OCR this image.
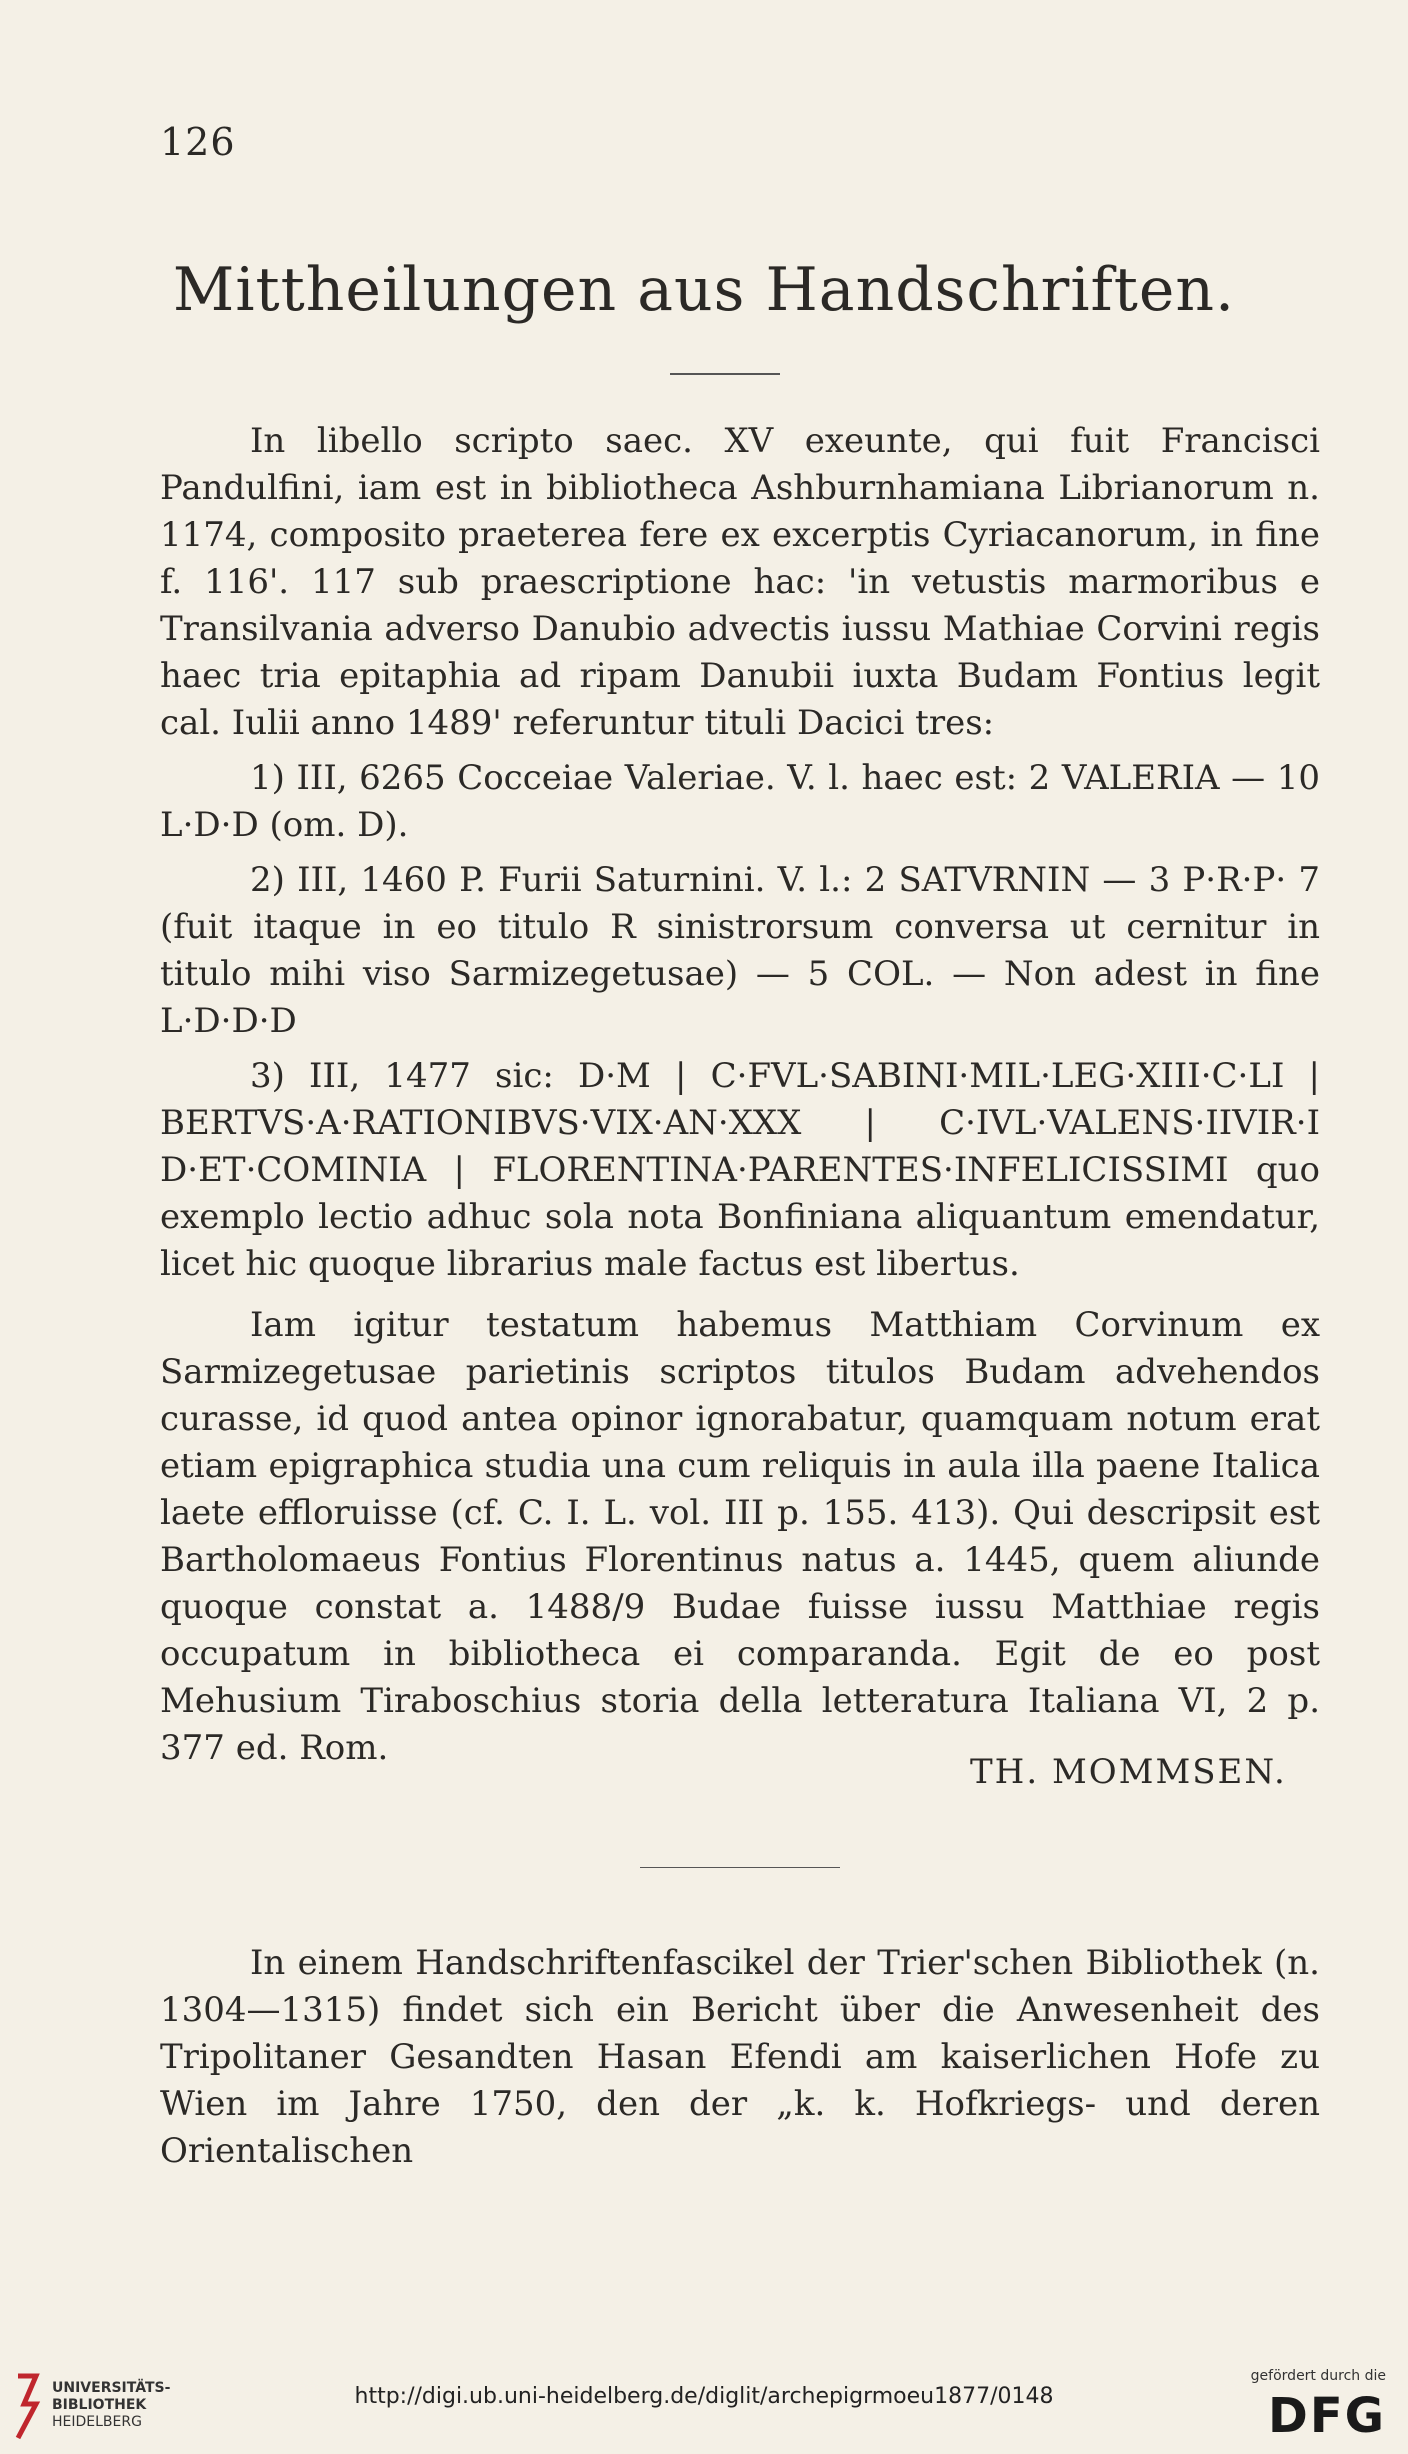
126
Mittheilungen aus Handschriften.

In libello scripto saec. XV exeunte, qui fuit Francisci Pandulfini, iam est in bibliotheca Ashburnhamiana Librianorum n. 1174, composito praeterea fere ex excerptis Cyriacanorum, in fine f. 116'. 117 sub praescriptione hac: 'in vetustis marmoribus e Transilvania adverso Danubio advectis iussu Mathiae Corvini regis haec tria epitaphia ad ripam Danubii iuxta Budam Fontius legit cal. Iulii anno 1489' referuntur tituli Dacici tres:

1) III, 6265 Cocceiae Valeriae. V. l. haec est: 2 VALERIA — 10 L·D·D (om. D).

2) III, 1460 P. Furii Saturnini. V. l.: 2 SATVRNIN — 3 P·R·P· 7 (fuit itaque in eo titulo R sinistrorsum conversa ut cernitur in titulo mihi viso Sarmizegetusae) — 5 COL. — Non adest in fine L·D·D·D

3) III, 1477 sic: D·M | C·FVL·SABINI·MIL·LEG·XIII·C·LI | BERTVS·A·RATIONIBVS·VIX·AN·XXX | C·IVL·VALENS·IIVIR·I D·ET·COMINIA | FLORENTINA·PARENTES·INFELICISSIMI quo exemplo lectio adhuc sola nota Bonfiniana aliquantum emendatur, licet hic quoque librarius male factus est libertus.

Iam igitur testatum habemus Matthiam Corvinum ex Sarmizegetusae parietinis scriptos titulos Budam advehendos curasse, id quod antea opinor ignorabatur, quamquam notum erat etiam epigraphica studia una cum reliquis in aula illa paene Italica laete effloruisse (cf. C. I. L. vol. III p. 155. 413). Qui descripsit est Bartholomaeus Fontius Florentinus natus a. 1445, quem aliunde quoque constat a. 1488/9 Budae fuisse iussu Matthiae regis occupatum in bibliotheca ei comparanda. Egit de eo post Mehusium Tiraboschius storia della letteratura Italiana VI, 2 p. 377 ed. Rom.

TH. MOMMSEN.

In einem Handschriftenfascikel der Trier'schen Bibliothek (n. 1304—1315) findet sich ein Bericht über die Anwesenheit des Tripolitaner Gesandten Hasan Efendi am kaiserlichen Hofe zu Wien im Jahre 1750, den der „k. k. Hofkriegs- und deren Orientalischen

UNIVERSITÄTS-
BIBLIOTHEK
HEIDELBERG
http://digi.ub.uni-heidelberg.de/diglit/archepigrmoeu1877/0148
gefördert durch die
DFG
